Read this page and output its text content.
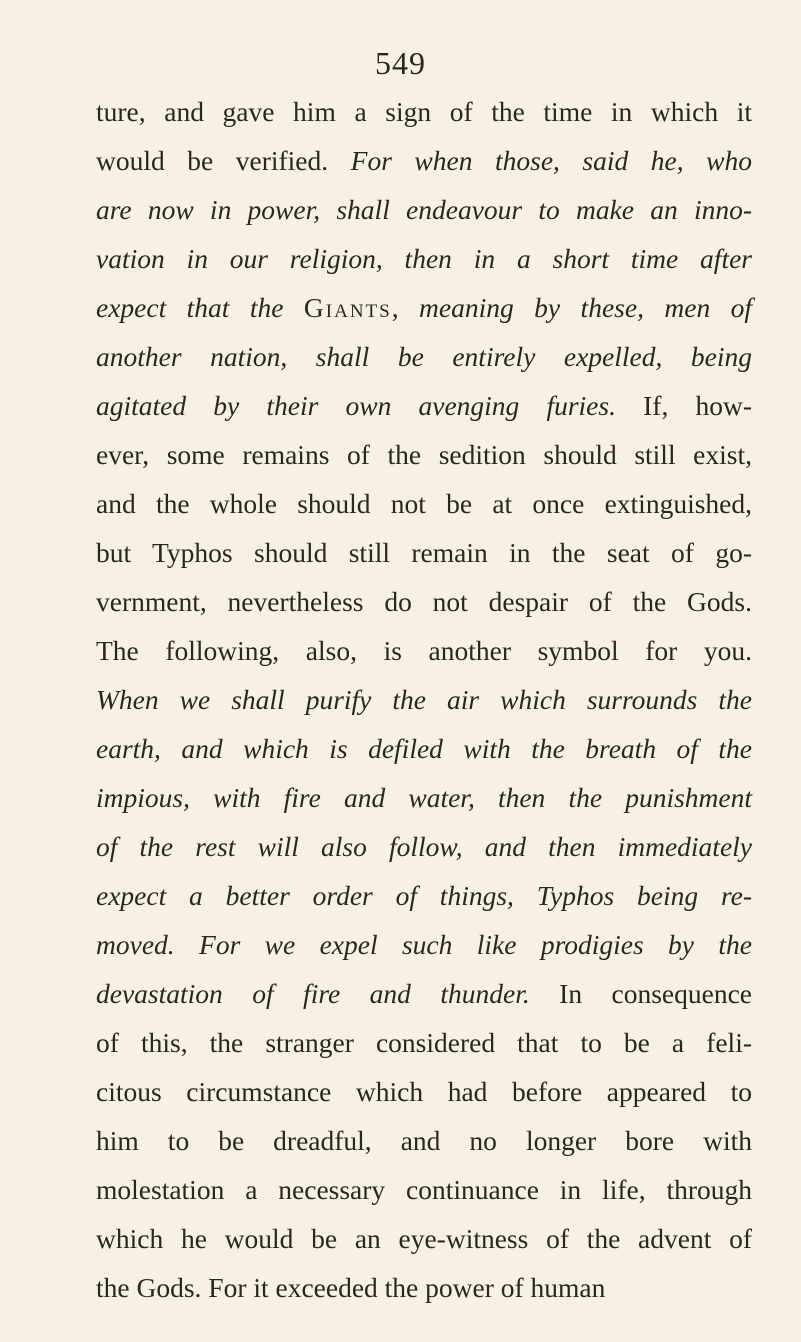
549
ture, and gave him a sign of the time in which it
would be verified. For when those, said he, who
are now in power, shall endeavour to make an inno-
vation in our religion, then in a short time after
expect that the Giants, meaning by these, men of
another nation, shall be entirely expelled, being
agitated by their own avenging furies. If, how-
ever, some remains of the sedition should still exist,
and the whole should not be at once extinguished,
but Typhos should still remain in the seat of go-
vernment, nevertheless do not despair of the Gods.
The following, also, is another symbol for you.
When we shall purify the air which surrounds the
earth, and which is defiled with the breath of the
impious, with fire and water, then the punishment
of the rest will also follow, and then immediately
expect a better order of things, Typhos being re-
moved. For we expel such like prodigies by the
devastation of fire and thunder. In consequence
of this, the stranger considered that to be a feli-
citous circumstance which had before appeared to
him to be dreadful, and no longer bore with
molestation a necessary continuance in life, through
which he would be an eye-witness of the advent of
the Gods. For it exceeded the power of human
